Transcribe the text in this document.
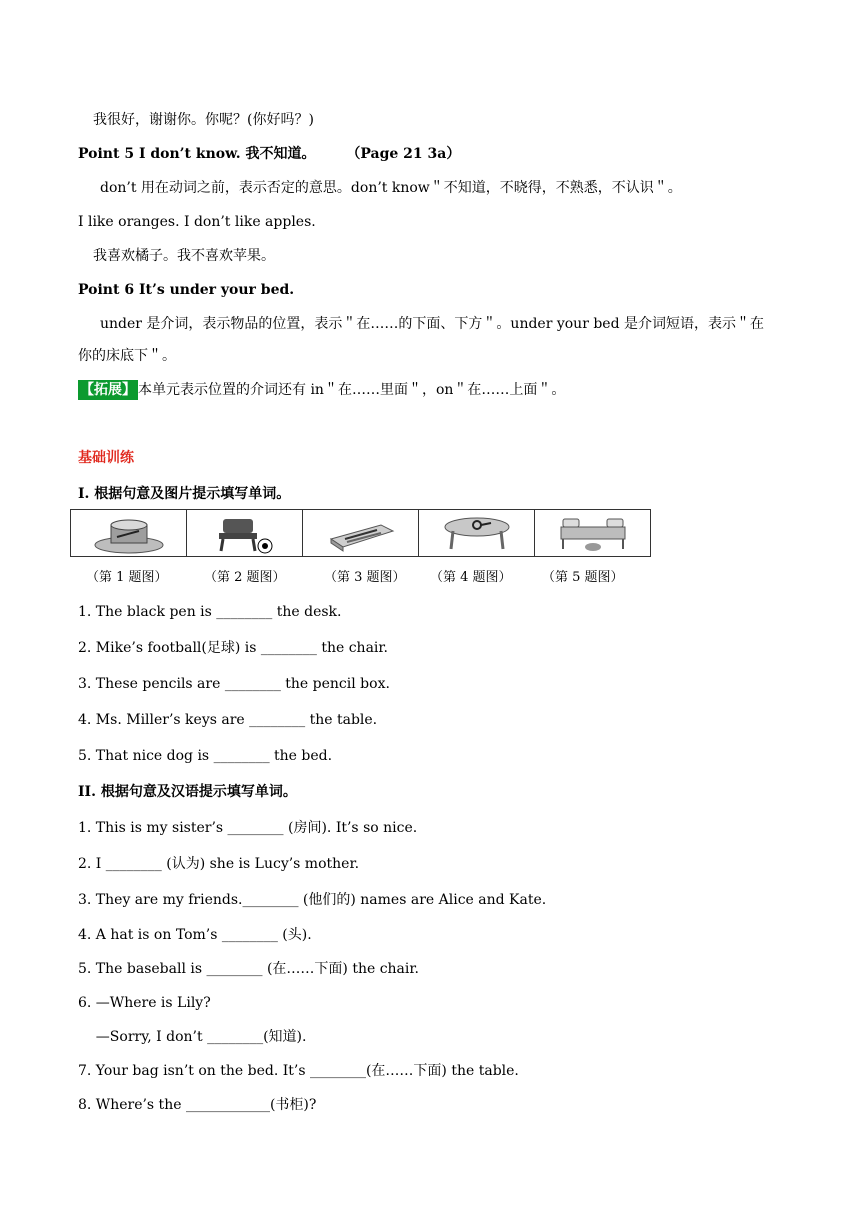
我很好，谢谢你。你呢？(你好吗？)
Point 5 I don’t know. 我不知道。 （Page 21 3a）
don’t 用在动词之前，表示否定的意思。don’t know＂不知道，不晓得，不熟悉，不认识＂。
I like oranges. I don’t like apples.
我喜欢橘子。我不喜欢苹果。
Point 6 It’s under your bed.
under 是介词，表示物品的位置，表示＂在……的下面、下方＂。under your bed 是介词短语，表示＂在
你的床底下＂。
【拓展】 本单元表示位置的介词还有 in＂在……里面＂，on＂在……上面＂。
基础训练
I. 根据句意及图片提示填写单词。

（第 1 题图）	（第 2 题图）	（第 3 题图） （第 4 题图） （第 5 题图）
1. The black pen is ________ the desk.
2. Mike’s football(足球) is ________ the chair.
3. These pencils are ________ the pencil box.
4. Ms. Miller’s keys are ________ the table.
5. That nice dog is ________ the bed.
II. 根据句意及汉语提示填写单词。
1. This is my sister’s ________ (房间). It’s so nice.
2. I ________ (认为) she is Lucy’s mother.
3. They are my friends.________ (他们的) names are Alice and Kate.
4. A hat is on Tom’s ________ (头).
5. The baseball is ________ (在……下面) the chair.
6. —Where is Lily?
—Sorry, I don’t ________(知道).
7. Your bag isn’t on the bed. It’s ________(在……下面) the table.
8. Where’s the ____________(书柜)?
